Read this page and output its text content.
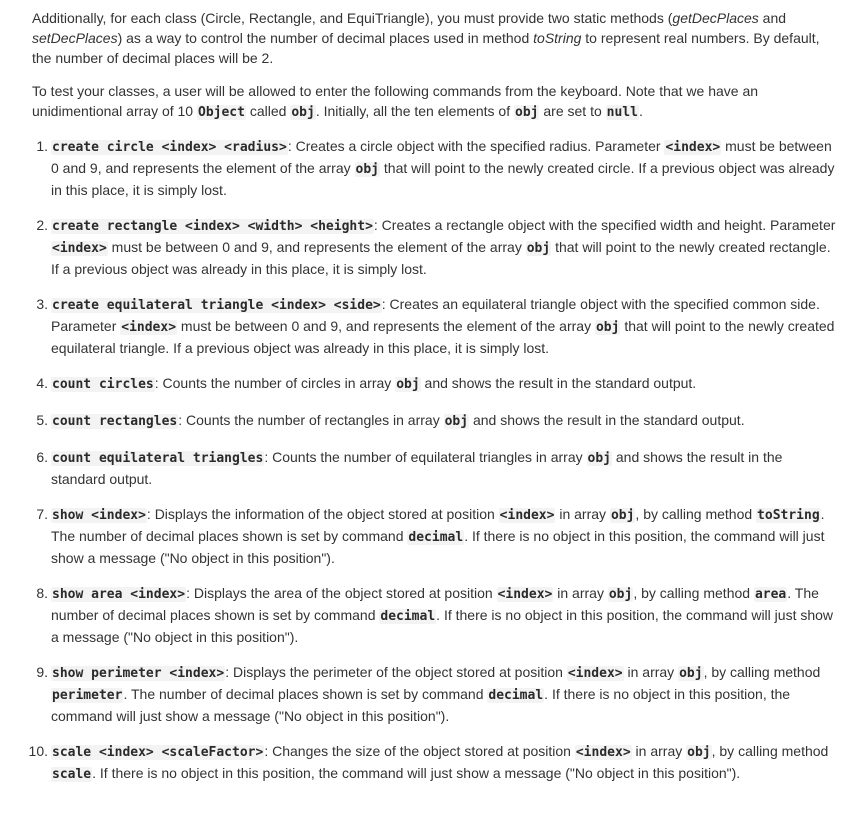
Additionally, for each class (Circle, Rectangle, and EquiTriangle), you must provide two static methods (getDecPlaces and setDecPlaces) as a way to control the number of decimal places used in method toString to represent real numbers. By default, the number of decimal places will be 2.

To test your classes, a user will be allowed to enter the following commands from the keyboard. Note that we have an unidimentional array of 10 Object called obj. Initially, all the ten elements of obj are set to null.

1. create circle <index> <radius>: Creates a circle object with the specified radius. Parameter <index> must be between 0 and 9, and represents the element of the array obj that will point to the newly created circle. If a previous object was already in this place, it is simply lost.
2. create rectangle <index> <width> <height>: Creates a rectangle object with the specified width and height. Parameter <index> must be between 0 and 9, and represents the element of the array obj that will point to the newly created rectangle. If a previous object was already in this place, it is simply lost.
3. create equilateral triangle <index> <side>: Creates an equilateral triangle object with the specified common side. Parameter <index> must be between 0 and 9, and represents the element of the array obj that will point to the newly created equilateral triangle. If a previous object was already in this place, it is simply lost.
4. count circles: Counts the number of circles in array obj and shows the result in the standard output.
5. count rectangles: Counts the number of rectangles in array obj and shows the result in the standard output.
6. count equilateral triangles: Counts the number of equilateral triangles in array obj and shows the result in the standard output.
7. show <index>: Displays the information of the object stored at position <index> in array obj, by calling method toString. The number of decimal places shown is set by command decimal. If there is no object in this position, the command will just show a message ("No object in this position").
8. show area <index>: Displays the area of the object stored at position <index> in array obj, by calling method area. The number of decimal places shown is set by command decimal. If there is no object in this position, the command will just show a message ("No object in this position").
9. show perimeter <index>: Displays the perimeter of the object stored at position <index> in array obj, by calling method perimeter. The number of decimal places shown is set by command decimal. If there is no object in this position, the command will just show a message ("No object in this position").
10. scale <index> <scaleFactor>: Changes the size of the object stored at position <index> in array obj, by calling method scale. If there is no object in this position, the command will just show a message ("No object in this position").
